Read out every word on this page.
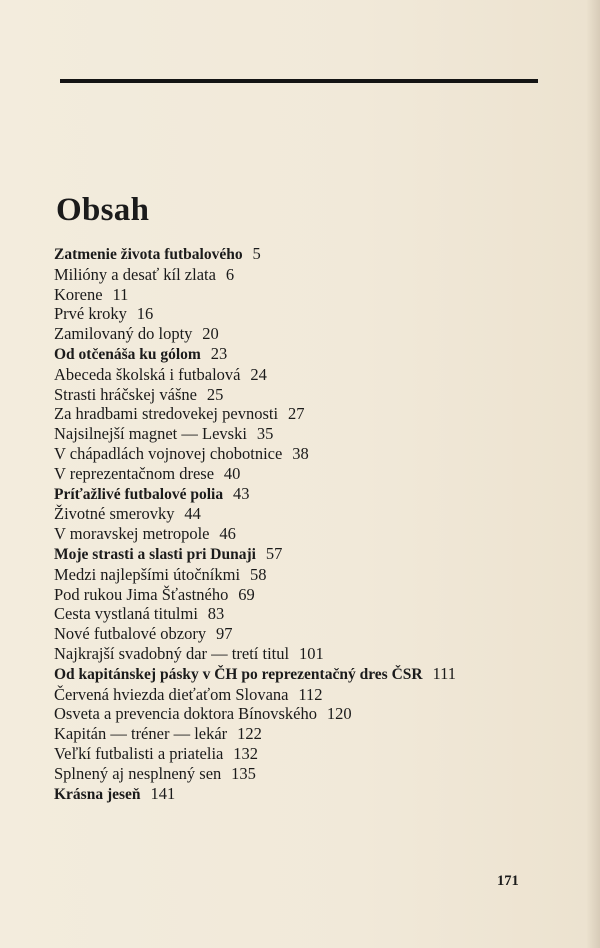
Obsah
Zatmenie života futbalového 5
Milióny a desať kíl zlata 6
Korene 11
Prvé kroky 16
Zamilovaný do lopty 20
Od otčenáša ku gólom 23
Abeceda školská i futbalová 24
Strasti hráčskej vášne 25
Za hradbami stredovekej pevnosti 27
Najsilnejší magnet — Levski 35
V chápadlách vojnovej chobotnice 38
V reprezentačnom drese 40
Príťažlivé futbalové polia 43
Životné smerovky 44
V moravskej metropole 46
Moje strasti a slasti pri Dunaji 57
Medzi najlepšími útočníkmi 58
Pod rukou Jima Šťastného 69
Cesta vystlaná titulmi 83
Nové futbalové obzory 97
Najkrajší svadobný dar — tretí titul 101
Od kapitánskej pásky v ČH po reprezentačný dres ČSR 111
Červená hviezda dieťaťom Slovana 112
Osveta a prevencia doktora Bínovského 120
Kapitán — tréner — lekár 122
Veľkí futbalisti a priatelia 132
Splnený aj nesplnený sen 135
Krásna jeseň 141
171
